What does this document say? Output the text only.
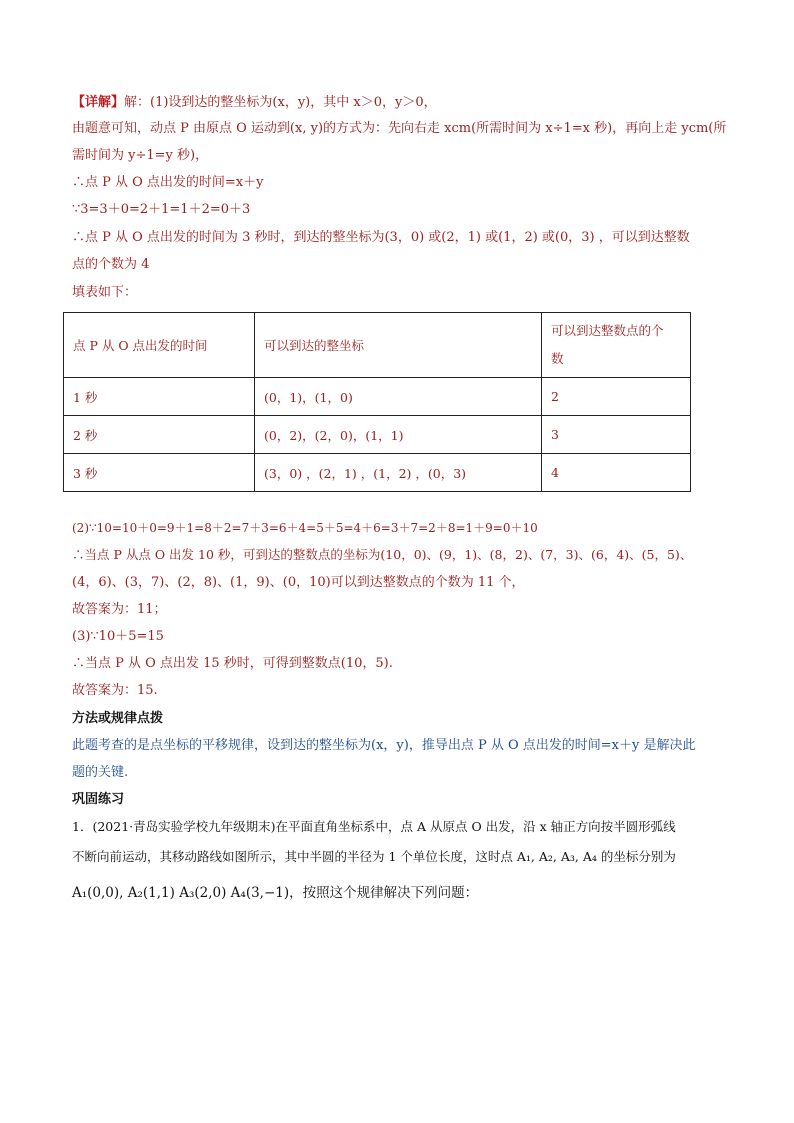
【详解】解：(1)设到达的整坐标为(x，y)，其中 x＞0，y＞0，
由题意可知，动点 P 由原点 O 运动到(x, y)的方式为：先向右走 xcm(所需时间为 x÷1=x 秒)，再向上走 ycm(所
需时间为 y÷1=y 秒)，
∴点 P 从 O 点出发的时间=x＋y
∵3=3＋0=2＋1=1＋2=0＋3
∴点 P 从 O 点出发的时间为 3 秒时，到达的整坐标为(3，0) 或(2，1) 或(1，2) 或(0，3) ，可以到达整数
点的个数为 4
填表如下：
点 P 从 O 点出发的时间	可以到达的整坐标	可以到达整数点的个
数
1 秒	(0，1)，(1，0)	2
2 秒	(0，2)，(2，0)，(1，1)	3
3 秒	(3，0) ，(2，1) ，(1，2) ，(0，3)	4
(2)∵10=10＋0=9＋1=8＋2=7＋3=6＋4=5＋5=4＋6=3＋7=2＋8=1＋9=0＋10
∴当点 P 从点 O 出发 10 秒，可到达的整数点的坐标为(10，0)、(9，1)、(8，2)、(7，3)、(6，4)、(5，5)、
(4，6)、(3，7)、(2，8)、(1，9)、(0，10)可以到达整数点的个数为 11 个，
故答案为：11；
(3)∵10＋5=15
∴当点 P 从 O 点出发 15 秒时，可得到整数点(10，5).
故答案为：15.
方法或规律点拨
此题考查的是点坐标的平移规律，设到达的整坐标为(x，y)，推导出点 P 从 O 点出发的时间=x＋y 是解决此
题的关键.
巩固练习
1．(2021·青岛实验学校九年级期末)在平面直角坐标系中，点 A 从原点 O 出发，沿 x 轴正方向按半圆形弧线
不断向前运动，其移动路线如图所示，其中半圆的半径为 1 个单位长度，这时点 A₁, A₂, A₃, A₄ 的坐标分别为
A₁(0,0), A₂(1,1) A₃(2,0) A₄(3,−1)，按照这个规律解决下列问题：
